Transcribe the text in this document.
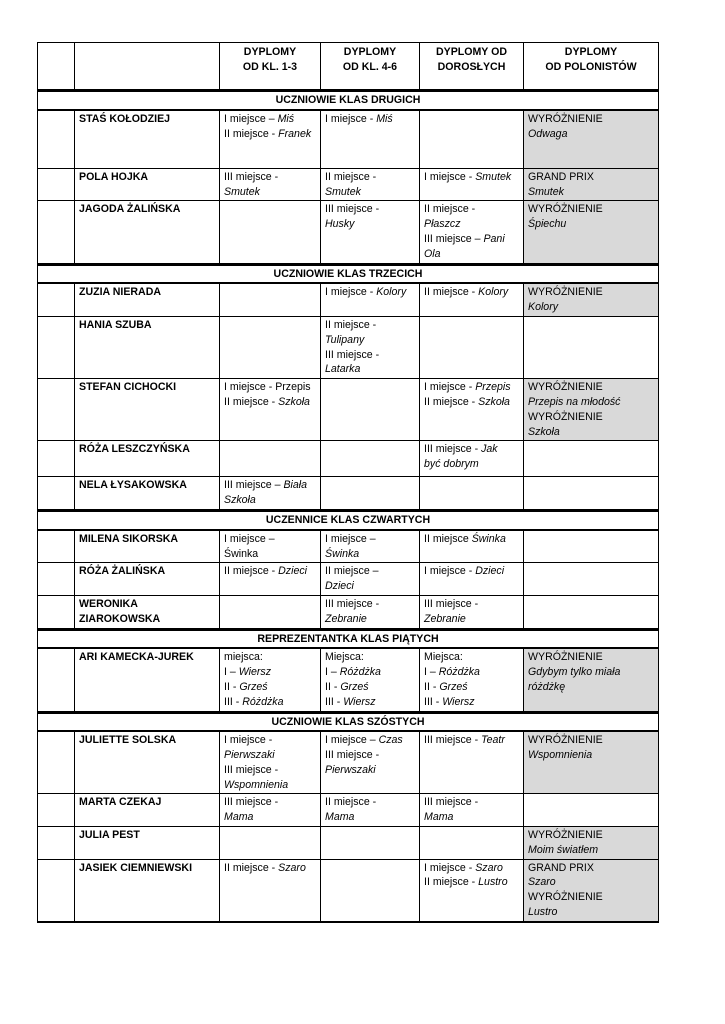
		DYPLOMY
OD KL. 1-3	DYPLOMY
OD KL. 4-6	DYPLOMY OD
DOROSŁYCH	DYPLOMY
OD POLONISTÓW

UCZNIOWIE KLAS DRUGICH					
	STAŚ KOŁODZIEJ	I miejsce – Miś
II miejsce - Franek	I miejsce - Miś		WYRÓŻNIENIE
Odwaga

	POLA HOJKA	III miejsce -
Smutek	II miejsce -
Smutek	I miejsce - Smutek	GRAND PRIX
Smutek

	JAGODA ŻALIŃSKA		III miejsce -
Husky	II miejsce -
Płaszcz
III miejsce – Pani
Ola	WYRÓŻNIENIE
Śpiechu

UCZNIOWIE KLAS TRZECICH					
	ZUZIA NIERADA		I miejsce - Kolory	II miejsce - Kolory	WYRÓŻNIENIE
Kolory

	HANIA SZUBA		II miejsce -
Tulipany
III miejsce -
Latarka		

	STEFAN CICHOCKI	I miejsce - Przepis
II miejsce - Szkoła		I miejsce - Przepis
II miejsce - Szkoła	WYRÓŻNIENIE
Przepis na młodość
WYRÓŻNIENIE
Szkoła

	RÓŻA LESZCZYŃSKA			III miejsce - Jak
być dobrym	

	NELA ŁYSAKOWSKA	III miejsce – Biała
Szkoła			

UCZENNICE KLAS CZWARTYCH					
	MILENA SIKORSKA	I miejsce –
Świnka	I miejsce –
Świnka	II miejsce Świnka	

	RÓŻA ŻALIŃSKA	II miejsce - Dzieci	II miejsce –
Dzieci	I miejsce - Dzieci	

	WERONIKA ZIAROKOWSKA		III miejsce -
Zebranie	III miejsce -
Zebranie	

REPREZENTANTKA KLAS PIĄTYCH					
	ARI KAMECKA-JUREK	miejsca:
I – Wiersz
II - Grześ
III - Różdżka	Miejsca:
I – Różdżka
II - Grześ
III - Wiersz	Miejsca:
I – Różdżka
II - Grześ
III - Wiersz	WYRÓŻNIENIE
Gdybym tylko miała
różdżkę

UCZNIOWIE KLAS SZÓSTYCH					
	JULIETTE SOLSKA	I miejsce -
Pierwszaki
III miejsce -
Wspomnienia	I miejsce – Czas
III miejsce -
Pierwszaki	III miejsce - Teatr	WYRÓŻNIENIE
Wspomnienia

	MARTA CZEKAJ	III miejsce -
Mama	II miejsce -
Mama	III miejsce -
Mama	

	JULIA PEST				WYRÓŻNIENIE
Moim światłem

	JASIEK CIEMNIEWSKI	II miejsce - Szaro		I miejsce - Szaro
II miejsce - Lustro	GRAND PRIX
Szaro
WYRÓŻNIENIE
Lustro
